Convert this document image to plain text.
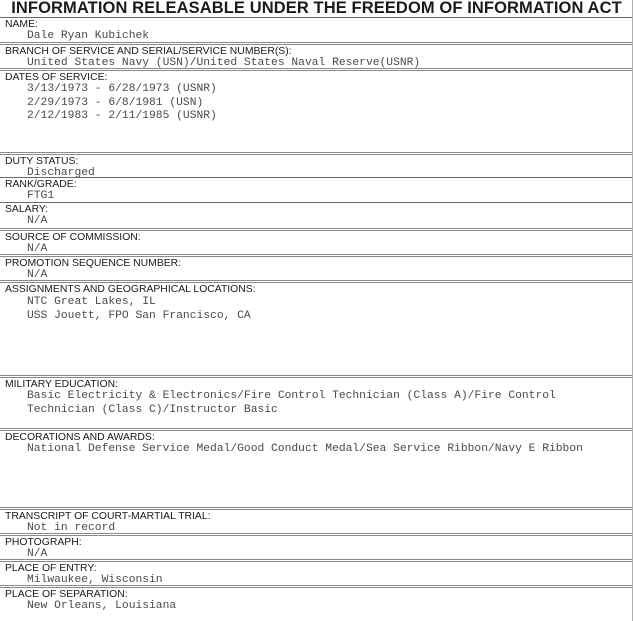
INFORMATION RELEASABLE UNDER THE FREEDOM OF INFORMATION ACT
NAME:
Dale Ryan Kubichek
BRANCH OF SERVICE AND SERIAL/SERVICE NUMBER(S):
United States Navy (USN)/United States Naval Reserve(USNR)
DATES OF SERVICE:
3/13/1973 - 6/28/1973 (USNR)
2/29/1973 - 6/8/1981 (USN)
2/12/1983 - 2/11/1985 (USNR)
DUTY STATUS:
Discharged
RANK/GRADE:
FTG1
SALARY:
N/A
SOURCE OF COMMISSION:
N/A
PROMOTION SEQUENCE NUMBER:
N/A
ASSIGNMENTS AND GEOGRAPHICAL LOCATIONS:
NTC Great Lakes, IL
USS Jouett, FPO San Francisco, CA
MILITARY EDUCATION:
Basic Electricity & Electronics/Fire Control Technician (Class A)/Fire Control Technician (Class C)/Instructor Basic
DECORATIONS AND AWARDS:
National Defense Service Medal/Good Conduct Medal/Sea Service Ribbon/Navy E Ribbon
TRANSCRIPT OF COURT-MARTIAL TRIAL:
Not in record
PHOTOGRAPH:
N/A
PLACE OF ENTRY:
Milwaukee, Wisconsin
PLACE OF SEPARATION:
New Orleans, Louisiana
